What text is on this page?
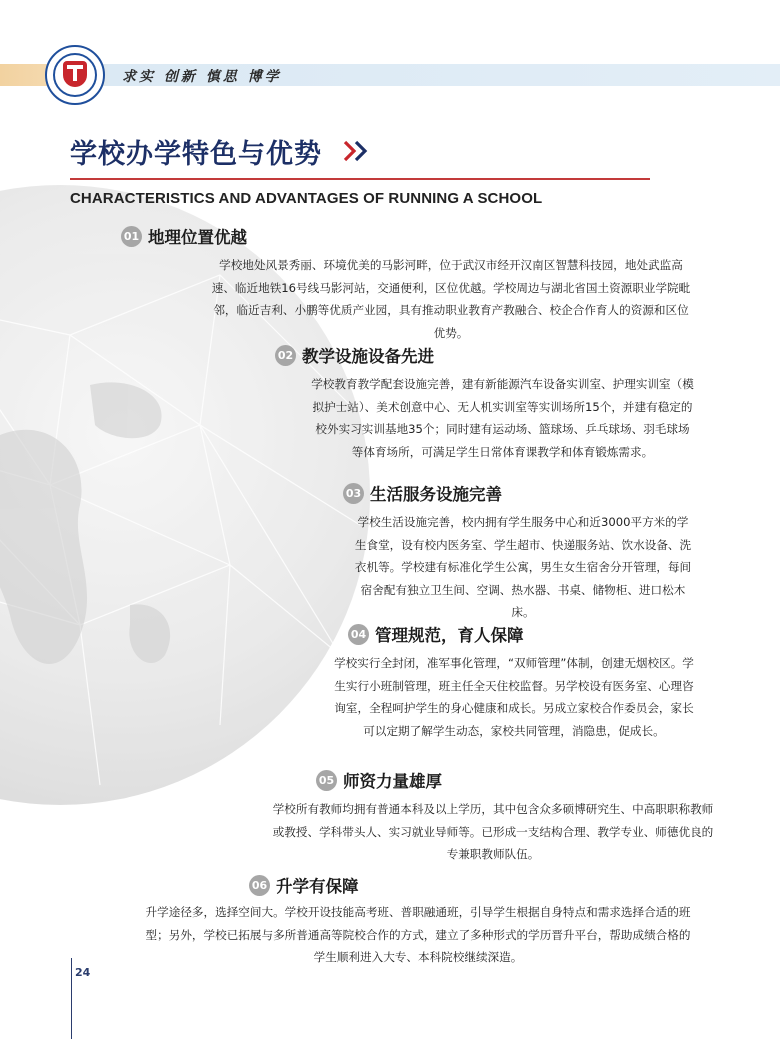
求实 创新 慎思 博学
学校办学特色与优势
CHARACTERISTICS AND ADVANTAGES OF RUNNING A SCHOOL
01 地理位置优越
学校地处风景秀丽、环境优美的马影河畔，位于武汉市经开汉南区智慧科技园，地处武监高速、临近地铁16号线马影河站，交通便利，区位优越。学校周边与湖北省国土资源职业学院毗邻，临近吉利、小鹏等优质产业园，具有推动职业教育产教融合、校企合作育人的资源和区位优势。
02 教学设施设备先进
学校教育教学配套设施完善，建有新能源汽车设备实训室、护理实训室（模拟护士站）、美术创意中心、无人机实训室等实训场所15个，并建有稳定的校外实习实训基地35个；同时建有运动场、篮球场、乒乓球场、羽毛球场等体育场所，可满足学生日常体育课教学和体育锻炼需求。
03 生活服务设施完善
学校生活设施完善，校内拥有学生服务中心和近3000平方米的学生食堂，设有校内医务室、学生超市、快递服务站、饮水设备、洗衣机等。学校建有标准化学生公寓，男生女生宿舍分开管理，每间宿舍配有独立卫生间、空调、热水器、书桌、储物柜、进口松木床。
04 管理规范，育人保障
学校实行全封闭，准军事化管理，“双师管理”体制，创建无烟校区。学生实行小班制管理，班主任全天住校监督。另学校设有医务室、心理咨询室，全程呵护学生的身心健康和成长。另成立家校合作委员会，家长可以定期了解学生动态，家校共同管理，消隐患，促成长。
05 师资力量雄厚
学校所有教师均拥有普通本科及以上学历，其中包含众多硕博研究生、中高职职称教师或教授、学科带头人、实习就业导师等。已形成一支结构合理、教学专业、师德优良的专兼职教师队伍。
06 升学有保障
升学途径多，选择空间大。学校开设技能高考班、普职融通班，引导学生根据自身特点和需求选择合适的班型；另外，学校已拓展与多所普通高等院校合作的方式，建立了多种形式的学历晋升平台，帮助成绩合格的学生顺利进入大专、本科院校继续深造。
24
